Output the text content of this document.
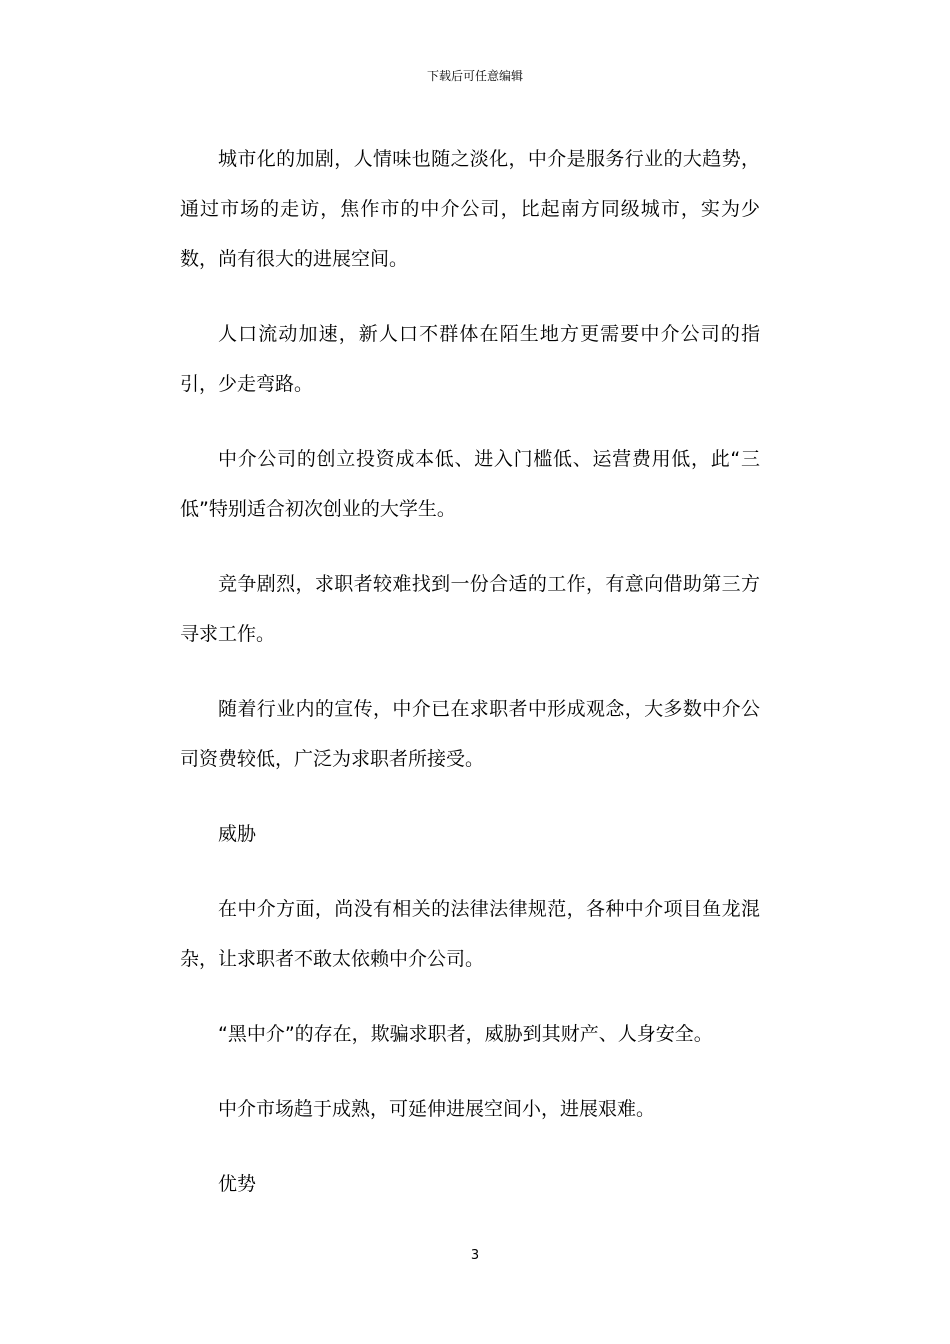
下载后可任意编辑

城市化的加剧，人情味也随之淡化，中介是服务行业的大趋势，通过市场的走访，焦作市的中介公司，比起南方同级城市，实为少数，尚有很大的进展空间。

人口流动加速，新人口不群体在陌生地方更需要中介公司的指引，少走弯路。

中介公司的创立投资成本低、进入门槛低、运营费用低，此“三低”特别适合初次创业的大学生。

竞争剧烈，求职者较难找到一份合适的工作，有意向借助第三方寻求工作。

随着行业内的宣传，中介已在求职者中形成观念，大多数中介公司资费较低，广泛为求职者所接受。

威胁

在中介方面，尚没有相关的法律法律规范，各种中介项目鱼龙混杂，让求职者不敢太依赖中介公司。

“黑中介”的存在，欺骗求职者，威胁到其财产、人身安全。

中介市场趋于成熟，可延伸进展空间小，进展艰难。

优势

3
